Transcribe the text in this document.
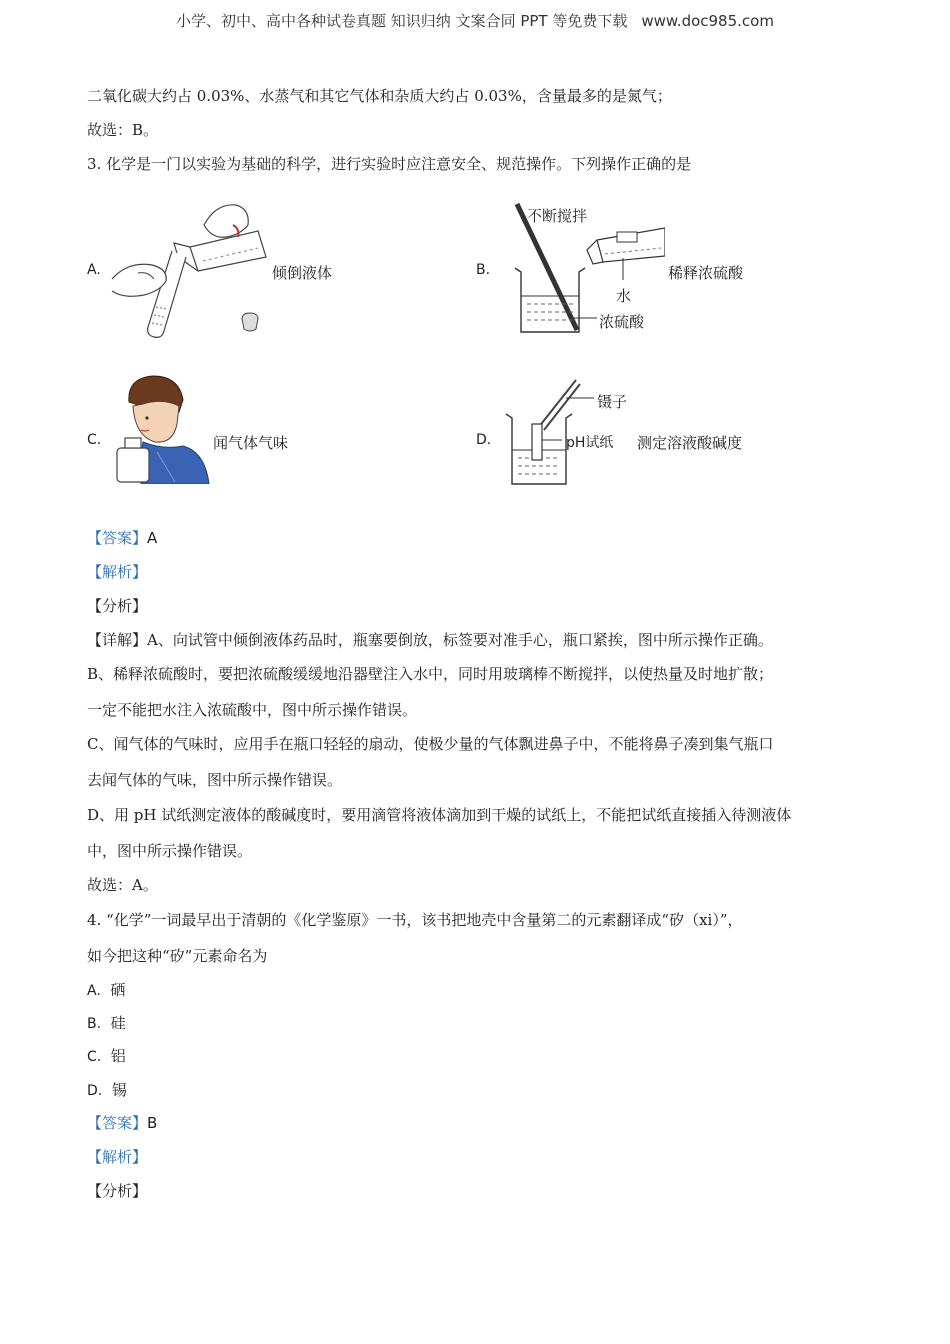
小学、初中、高中各种试卷真题 知识归纳 文案合同 PPT 等免费下载 www.doc985.com
二氧化碳大约占 0.03%、水蒸气和其它气体和杂质大约占 0.03%，含量最多的是氮气；
故选：B。
3. 化学是一门以实验为基础的科学，进行实验时应注意安全、规范操作。下列操作正确的是
A.	倾倒液体	B.
不断搅拌
水
浓硫酸
稀释浓硫酸
C.	闻气体气味	D.
镊子
pH试纸 测定溶液酸碱度
【答案】A
【解析】
【分析】
【详解】A、向试管中倾倒液体药品时，瓶塞要倒放，标签要对准手心，瓶口紧挨，图中所示操作正确。
B、稀释浓硫酸时，要把浓硫酸缓缓地沿器壁注入水中，同时用玻璃棒不断搅拌，以使热量及时地扩散；
一定不能把水注入浓硫酸中，图中所示操作错误。
C、闻气体的气味时，应用手在瓶口轻轻的扇动，使极少量的气体飘进鼻子中，不能将鼻子凑到集气瓶口
去闻气体的气味，图中所示操作错误。
D、用 pH 试纸测定液体的酸碱度时，要用滴管将液体滴加到干燥的试纸上，不能把试纸直接插入待测液体
中，图中所示操作错误。
故选：A。
4. “化学”一词最早出于清朝的《化学鉴原》一书，该书把地壳中含量第二的元素翻译成“矽（xi）”，
如今把这种“矽”元素命名为
A. 硒
B. 硅
C. 铝
D. 锡
【答案】B
【解析】
【分析】
